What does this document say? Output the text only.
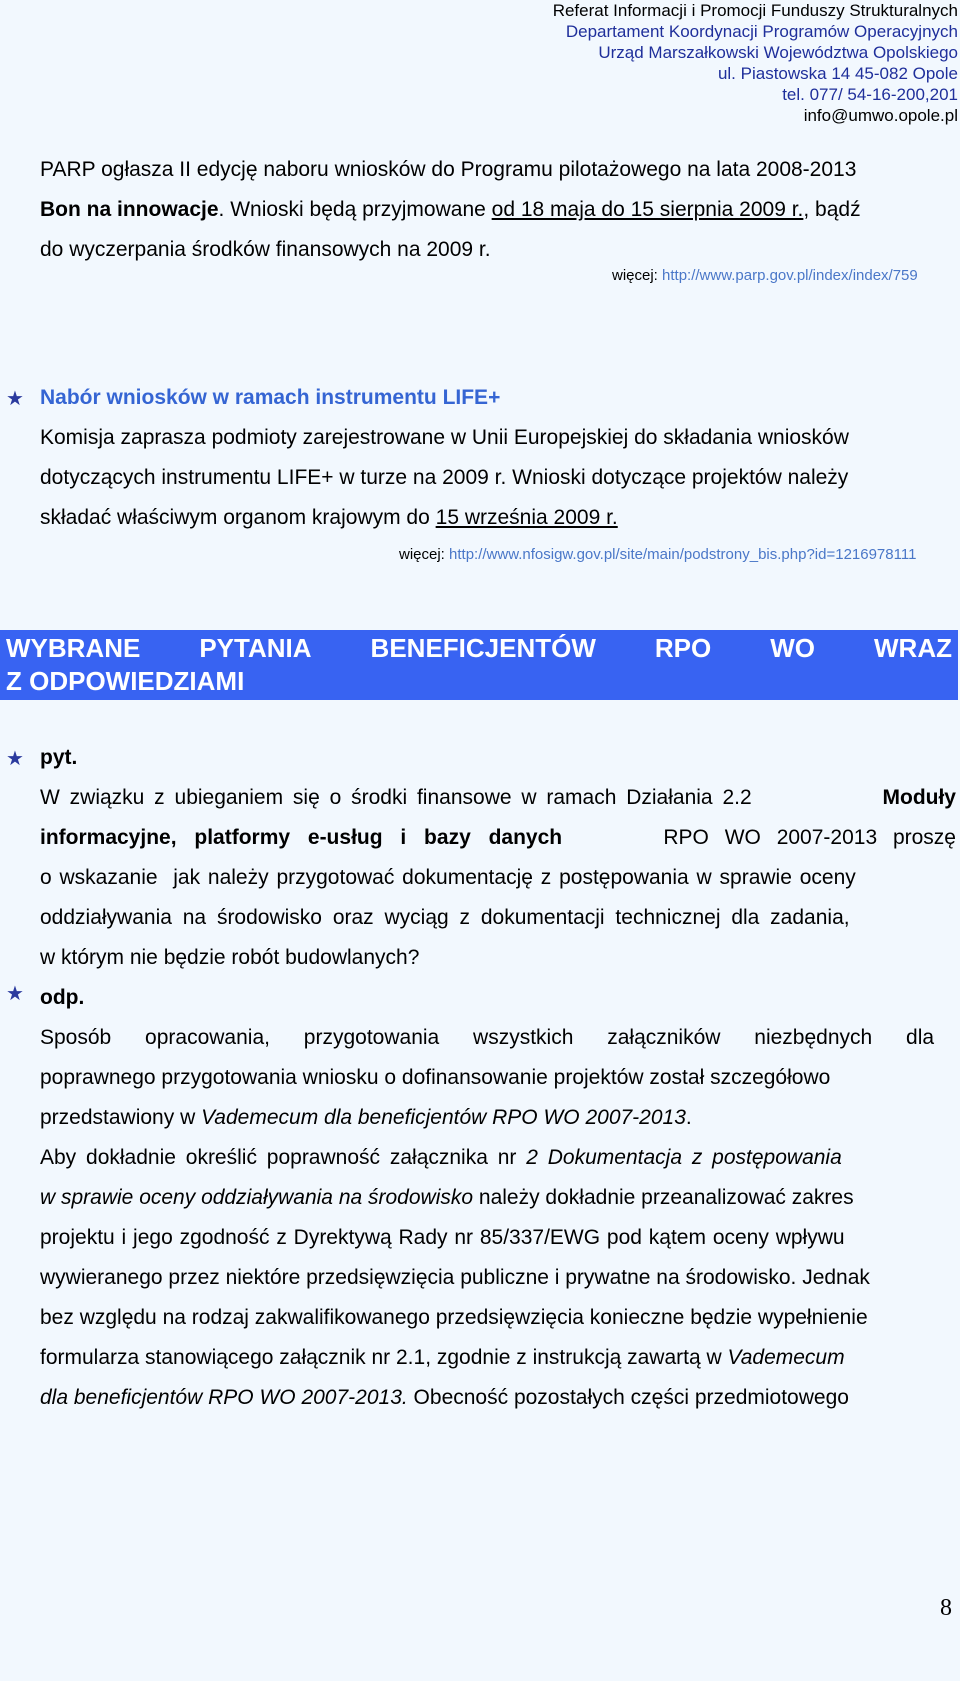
Referat Informacji i Promocji Funduszy Strukturalnych
Departament Koordynacji Programów Operacyjnych
Urząd Marszałkowski Województwa Opolskiego
ul. Piastowska 14 45-082 Opole
tel. 077/ 54-16-200,201
info@umwo.opole.pl
PARP ogłasza II edycję naboru wniosków do Programu pilotażowego na lata 2008-2013
Bon na innowacje. Wnioski będą przyjmowane od 18 maja do 15 sierpnia 2009 r., bądź
do wyczerpania środków finansowych na 2009 r.
więcej: http://www.parp.gov.pl/index/index/759
★ Nabór wniosków w ramach instrumentu LIFE+
Komisja zaprasza podmioty zarejestrowane w Unii Europejskiej do składania wniosków
dotyczących instrumentu LIFE+ w turze na 2009 r. Wnioski dotyczące projektów należy
składać właściwym organom krajowym do 15 września 2009 r.
więcej: http://www.nfosigw.gov.pl/site/main/podstrony_bis.php?id=1216978111
WYBRANE PYTANIA BENEFICJENTÓW RPO WO WRAZ
Z ODPOWIEDZIAMI
★
★
pyt.
W związku z ubieganiem się o środki finansowe w ramach Działania 2.2	Moduły
informacyjne, platformy e-usług i bazy danych	RPO WO 2007-2013 proszę
o wskazanie  jak należy przygotować dokumentację z postępowania w sprawie oceny
oddziaływania na środowisko oraz wyciąg z dokumentacji technicznej dla zadania,
w którym nie będzie robót budowlanych?
odp.
Sposób opracowania, przygotowania wszystkich załączników niezbędnych dla
poprawnego przygotowania wniosku o dofinansowanie projektów został szczegółowo
przedstawiony w Vademecum dla beneficjentów RPO WO 2007-2013.
Aby dokładnie określić poprawność załącznika nr 2 Dokumentacja z postępowania
w sprawie oceny oddziaływania na środowisko należy dokładnie przeanalizować zakres
projektu i jego zgodność z Dyrektywą Rady nr 85/337/EWG pod kątem oceny wpływu
wywieranego przez niektóre przedsięwzięcia publiczne i prywatne na środowisko. Jednak
bez względu na rodzaj zakwalifikowanego przedsięwzięcia konieczne będzie wypełnienie
formularza stanowiącego załącznik nr 2.1, zgodnie z instrukcją zawartą w Vademecum
dla beneficjentów RPO WO 2007-2013. Obecność pozostałych części przedmiotowego
8
